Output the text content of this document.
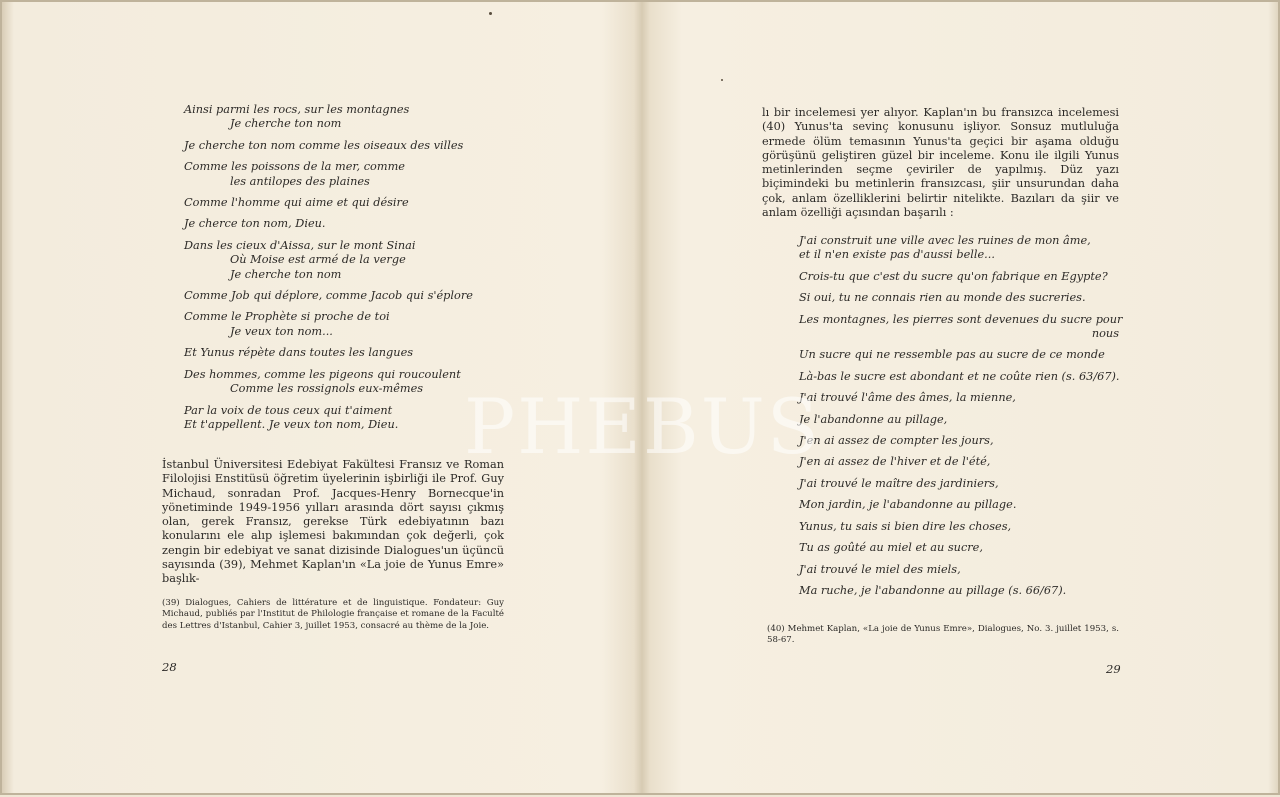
Ainsi parmi les rocs, sur les montagnes
Je cherche ton nom
Je cherche ton nom comme les oiseaux des villes
Comme les poissons de la mer, comme
les antilopes des plaines
Comme l'homme qui aime et qui désire
Je cherce ton nom, Dieu.
Dans les cieux d'Aissa, sur le mont Sinai
Où Moise est armé de la verge
Je cherche ton nom
Comme Job qui déplore, comme Jacob qui s'éplore
Comme le Prophète si proche de toi
Je veux ton nom...
Et Yunus répète dans toutes les langues
Des hommes, comme les pigeons qui roucoulent
Comme les rossignols eux-mêmes
Par la voix de tous ceux qui t'aiment
Et t'appellent. Je veux ton nom, Dieu.

İstanbul Üniversitesi Edebiyat Fakültesi Fransız ve Roman Filolojisi Enstitüsü öğretim üyelerinin işbirliği ile Prof. Guy Michaud, sonradan Prof. Jacques-Henry Bornecque'in yönetiminde 1949-1956 yılları arasında dört sayısı çıkmış olan, gerek Fransız, gerekse Türk edebiyatının bazı konularını ele alıp işlemesi bakımından çok değerli, çok zengin bir edebiyat ve sanat dizisinde Dialogues'un üçüncü sayısında (39), Mehmet Kaplan'ın «La joie de Yunus Emre» başlık-

(39) Dialogues, Cahiers de littérature et de linguistique. Fondateur: Guy Michaud, publiés par l'Institut de Philologie française et romane de la Faculté des Lettres d'Istanbul, Cahier 3, juillet 1953, consacré au thème de la Joie.
28

lı bir incelemesi yer alıyor. Kaplan'ın bu fransızca incelemesi (40) Yunus'ta sevinç konusunu işliyor. Sonsuz mutluluğa ermede ölüm temasının Yunus'ta geçici bir aşama olduğu görüşünü geliştiren güzel bir inceleme. Konu ile ilgili Yunus metinlerinden seçme çeviriler de yapılmış. Düz yazı biçimindeki bu metinlerin fransızcası, şiir unsurundan daha çok, anlam özelliklerini belirtir nitelikte. Bazıları da şiir ve anlam özelliği açısından başarılı :

J'ai construit une ville avec les ruines de mon âme,
et il n'en existe pas d'aussi belle...
Crois-tu que c'est du sucre qu'on fabrique en Egypte?
Si oui, tu ne connais rien au monde des sucreries.
Les montagnes, les pierres sont devenues du sucre pour
nous
Un sucre qui ne ressemble pas au sucre de ce monde
Là-bas le sucre est abondant et ne coûte rien (s. 63/67).
J'ai trouvé l'âme des âmes, la mienne,
Je l'abandonne au pillage,
J'en ai assez de compter les jours,
J'en ai assez de l'hiver et de l'été,
J'ai trouvé le maître des jardiniers,
Mon jardin, je l'abandonne au pillage.
Yunus, tu sais si bien dire les choses,
Tu as goûté au miel et au sucre,
J'ai trouvé le miel des miels,
Ma ruche, je l'abandonne au pillage (s. 66/67).
(40) Mehmet Kaplan, «La joie de Yunus Emre», Dialogues, No. 3. juillet 1953, s. 58-67.
29
PHEBUS
